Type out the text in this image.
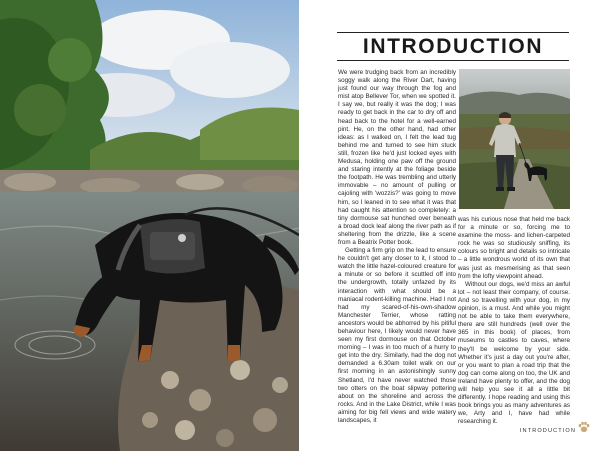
INTRODUCTION

We were trudging back from an incredibly soggy walk along the River Dart, having just found our way through the fog and mist atop Bellever Tor, when we spotted it. I say we, but really it was the dog; I was ready to get back in the car to dry off and head back to the hotel for a well-earned pint. He, on the other hand, had other ideas: as I walked on, I felt the lead tug behind me and turned to see him stuck still, frozen like he'd just locked eyes with Medusa, holding one paw off the ground and staring intently at the foliage beside the footpath. He was trembling and utterly immovable – no amount of pulling or cajoling with 'wozzis?' was going to move him, so I leaned in to see what it was that had caught his attention so completely: a tiny dormouse sat hunched over beneath a broad dock leaf along the river path as if sheltering from the drizzle, like a scene from a Beatrix Potter book.

Getting a firm grip on the lead to ensure he couldn't get any closer to it, I stood to watch the little hazel-coloured creature for a minute or so before it scuttled off into the undergrowth, totally unfazed by its interaction with what should be a maniacal rodent-killing machine. Had I not had my scared-of-his-own-shadow Manchester Terrier, whose ratting ancestors would be abhorred by his pitiful behaviour here, I likely would never have seen my first dormouse on that October morning – I was in too much of a hurry to get into the dry. Similarly, had the dog not demanded a 6.30am toilet walk on our first morning in an astonishingly sunny Shetland, I'd have never watched those two otters on the boat slipway pottering about on the shoreline and across the rocks. And in the Lake District, while I was aiming for big fell views and wide watery landscapes, it

was his curious nose that held me back for a minute or so, forcing me to examine the moss- and lichen-carpeted rock he was so studiously sniffing, its colours so bright and details so intricate – a little wondrous world of its own that was just as mesmerising as that seen from the lofty viewpoint ahead.

Without our dogs, we'd miss an awful lot – not least their company, of course. And so travelling with your dog, in my opinion, is a must. And while you might not be able to take them everywhere, there are still hundreds (well over the 365 in this book) of places, from museums to castles to caves, where they'll be welcome by your side. Whether it's just a day out you're after, or you want to plan a road trip that the dog can come along on too, the UK and Ireland have plenty to offer, and the dog will help you see it all a little bit differently. I hope reading and using this book brings you as many adventures as we, Arty and I, have had while researching it.

INTRODUCTION
